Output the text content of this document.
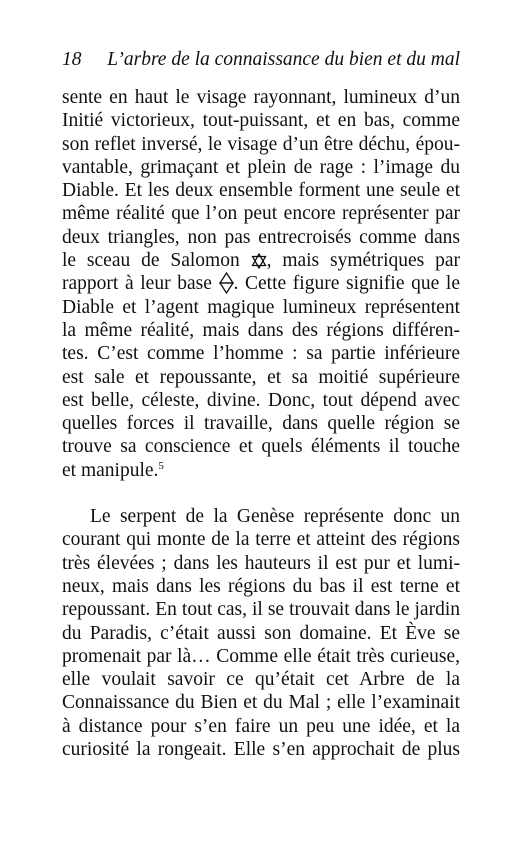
18 L’arbre de la connaissance du bien et du mal
sente en haut le visage rayonnant, lumineux d’un
Initié victorieux, tout-puissant, et en bas, comme
son reflet inversé, le visage d’un être déchu, épou-
vantable, grimaçant et plein de rage : l’image du
Diable. Et les deux ensemble forment une seule et
même réalité que l’on peut encore représenter par
deux triangles, non pas entrecroisés comme dans
le sceau de Salomon , mais symétriques par
rapport à leur base . Cette figure signifie que le
Diable et l’agent magique lumineux représentent
la même réalité, mais dans des régions différen-
tes. C’est comme l’homme : sa partie inférieure
est sale et repoussante, et sa moitié supérieure
est belle, céleste, divine. Donc, tout dépend avec
quelles forces il travaille, dans quelle région se
trouve sa conscience et quels éléments il touche
et manipule.$^5$
Le serpent de la Genèse représente donc un
courant qui monte de la terre et atteint des régions
très élevées ; dans les hauteurs il est pur et lumi-
neux, mais dans les régions du bas il est terne et
repoussant. En tout cas, il se trouvait dans le jardin
du Paradis, c’était aussi son domaine. Et Ève se
promenait par là… Comme elle était très curieuse,
elle voulait savoir ce qu’était cet Arbre de la
Connaissance du Bien et du Mal ; elle l’examinait
à distance pour s’en faire un peu une idée, et la
curiosité la rongeait. Elle s’en approchait de plus
